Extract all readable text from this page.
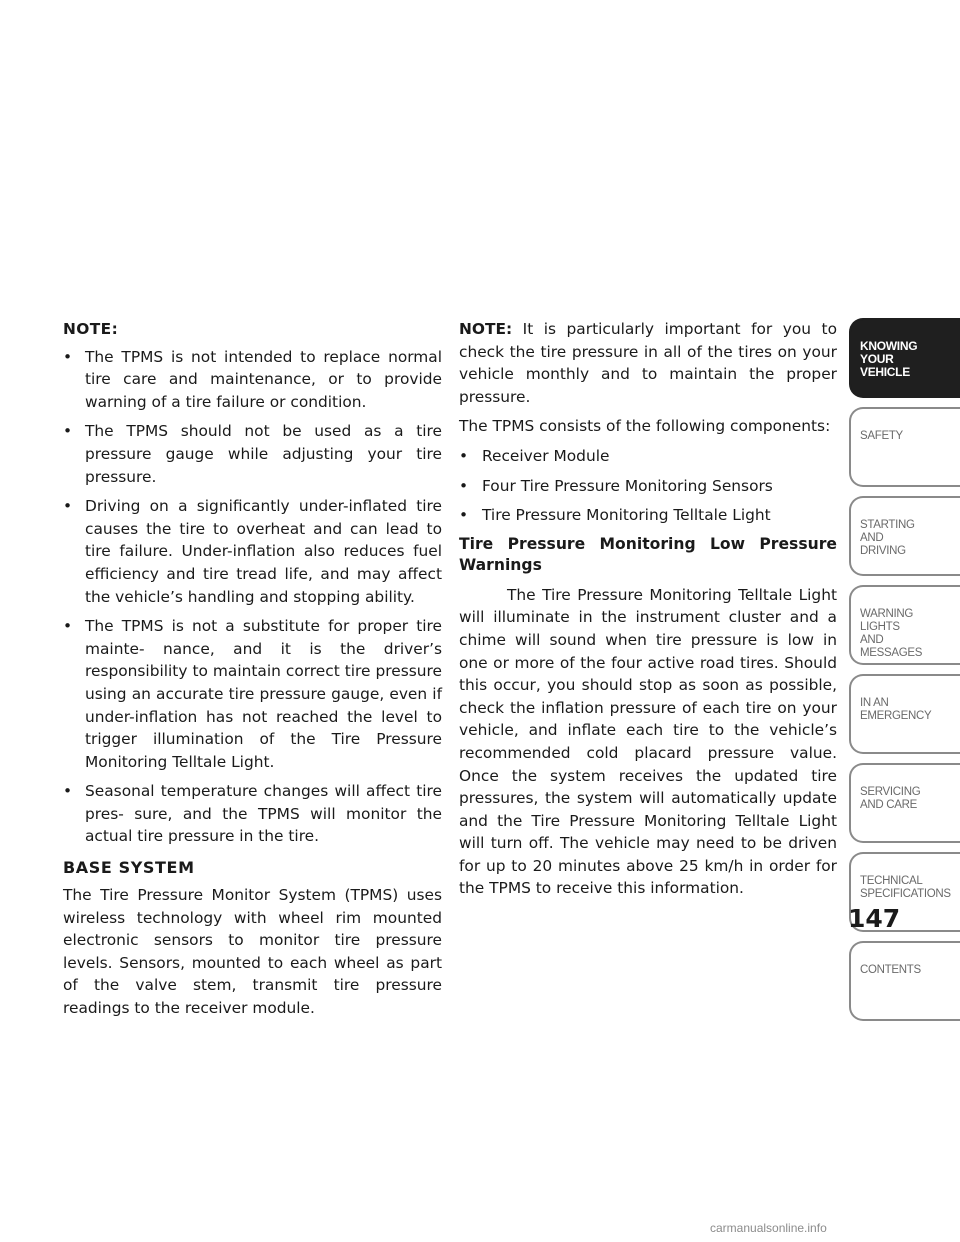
NOTE:

• The TPMS is not intended to replace normal tire care and maintenance, or to provide warning of a tire failure or condition.
• The TPMS should not be used as a tire pressure gauge while adjusting your tire pressure.
• Driving on a significantly under-inflated tire causes the tire to overheat and can lead to tire failure. Under-inflation also reduces fuel efficiency and tire tread life, and may affect the vehicle’s handling and stopping ability.
• The TPMS is not a substitute for proper tire mainte- nance, and it is the driver’s responsibility to maintain correct tire pressure using an accurate tire pressure gauge, even if under-inflation has not reached the level to trigger illumination of the Tire Pressure Monitoring Telltale Light.
• Seasonal temperature changes will affect tire pres- sure, and the TPMS will monitor the actual tire pressure in the tire.
BASE SYSTEM

The Tire Pressure Monitor System (TPMS) uses wireless technology with wheel rim mounted electronic sensors to monitor tire pressure levels. Sensors, mounted to each wheel as part of the valve stem, transmit tire pressure readings to the receiver module.

NOTE: It is particularly important for you to check the tire pressure in all of the tires on your vehicle monthly and to maintain the proper pressure.

The TPMS consists of the following components:

• Receiver Module
• Four Tire Pressure Monitoring Sensors
• Tire Pressure Monitoring Telltale Light
Tire Pressure Monitoring Low Pressure Warnings

The Tire Pressure Monitoring Telltale Light will illuminate in the instrument cluster and a chime will sound when tire pressure is low in one or more of the four active road tires. Should this occur, you should stop as soon as possible, check the inflation pressure of each tire on your vehicle, and inflate each tire to the vehicle’s recommended cold placard pressure value. Once the system receives the updated tire pressures, the system will automatically update and the Tire Pressure Monitoring Telltale Light will turn off. The vehicle may need to be driven for up to 20 minutes above 25 km/h in order for the TPMS to receive this information.

KNOWING
YOUR
VEHICLE
SAFETY
STARTING
AND
DRIVING
WARNING
LIGHTS
AND
MESSAGES
IN AN
EMERGENCY
SERVICING
AND CARE
TECHNICAL
SPECIFICATIONS
CONTENTS
147
carmanualsonline.info
